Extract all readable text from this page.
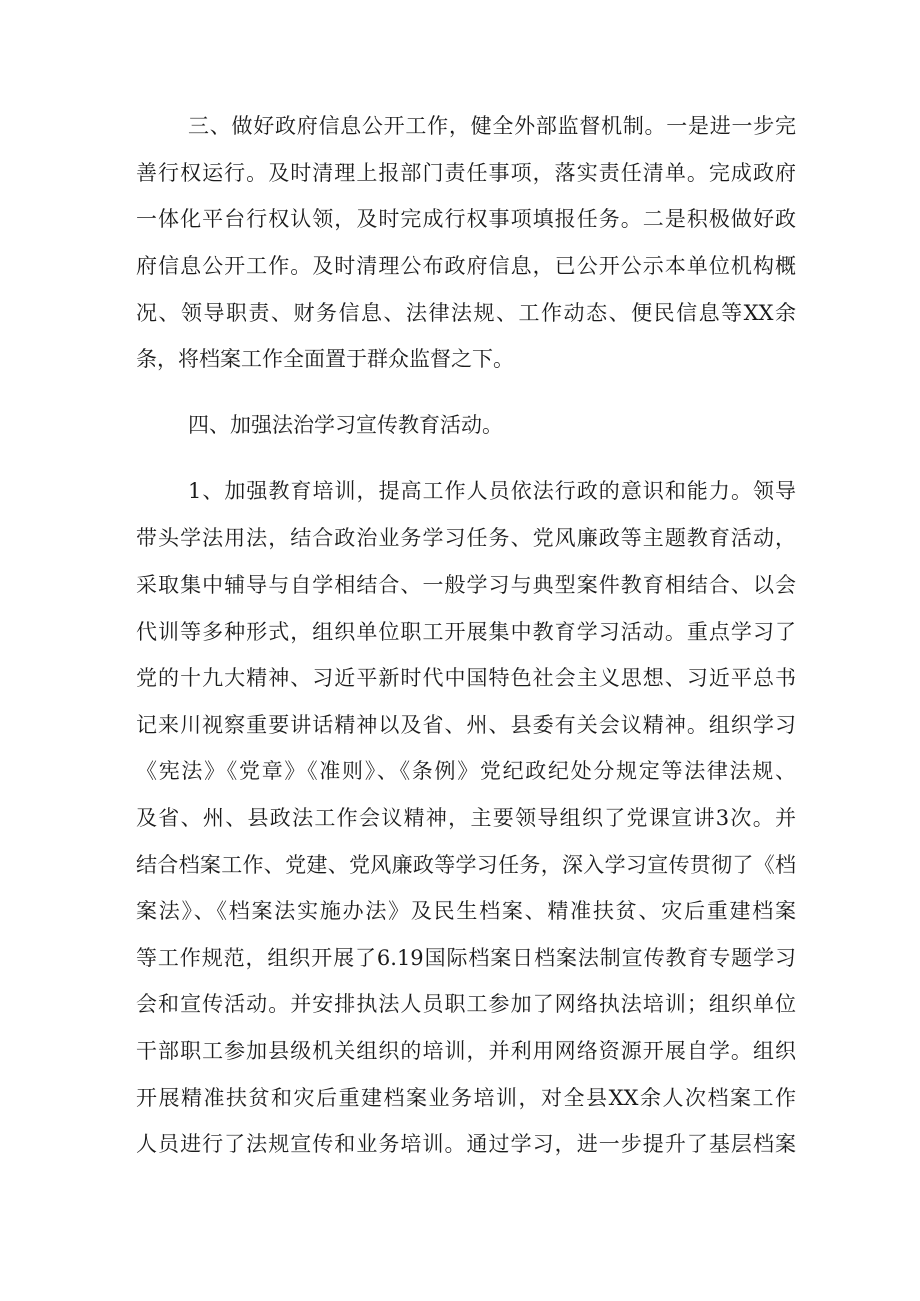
三、做好政府信息公开工作，健全外部监督机制。一是进一步完
善行权运行。及时清理上报部门责任事项，落实责任清单。完成政府
一体化平台行权认领，及时完成行权事项填报任务。二是积极做好政
府信息公开工作。及时清理公布政府信息，已公开公示本单位机构概
况、领导职责、财务信息、法律法规、工作动态、便民信息等XX余
条，将档案工作全面置于群众监督之下。
四、加强法治学习宣传教育活动。
1、加强教育培训，提高工作人员依法行政的意识和能力。领导
带头学法用法，结合政治业务学习任务、党风廉政等主题教育活动，
采取集中辅导与自学相结合、一般学习与典型案件教育相结合、以会
代训等多种形式，组织单位职工开展集中教育学习活动。重点学习了
党的十九大精神、习近平新时代中国特色社会主义思想、习近平总书
记来川视察重要讲话精神以及省、州、县委有关会议精神。组织学习
《宪法》《党章》《准则》、《条例》党纪政纪处分规定等法律法规、
及省、州、县政法工作会议精神，主要领导组织了党课宣讲3次。并
结合档案工作、党建、党风廉政等学习任务，深入学习宣传贯彻了《档
案法》、《档案法实施办法》及民生档案、精准扶贫、灾后重建档案
等工作规范，组织开展了6.19国际档案日档案法制宣传教育专题学习
会和宣传活动。并安排执法人员职工参加了网络执法培训；组织单位
干部职工参加县级机关组织的培训，并利用网络资源开展自学。组织
开展精准扶贫和灾后重建档案业务培训，对全县XX余人次档案工作
人员进行了法规宣传和业务培训。通过学习，进一步提升了基层档案
